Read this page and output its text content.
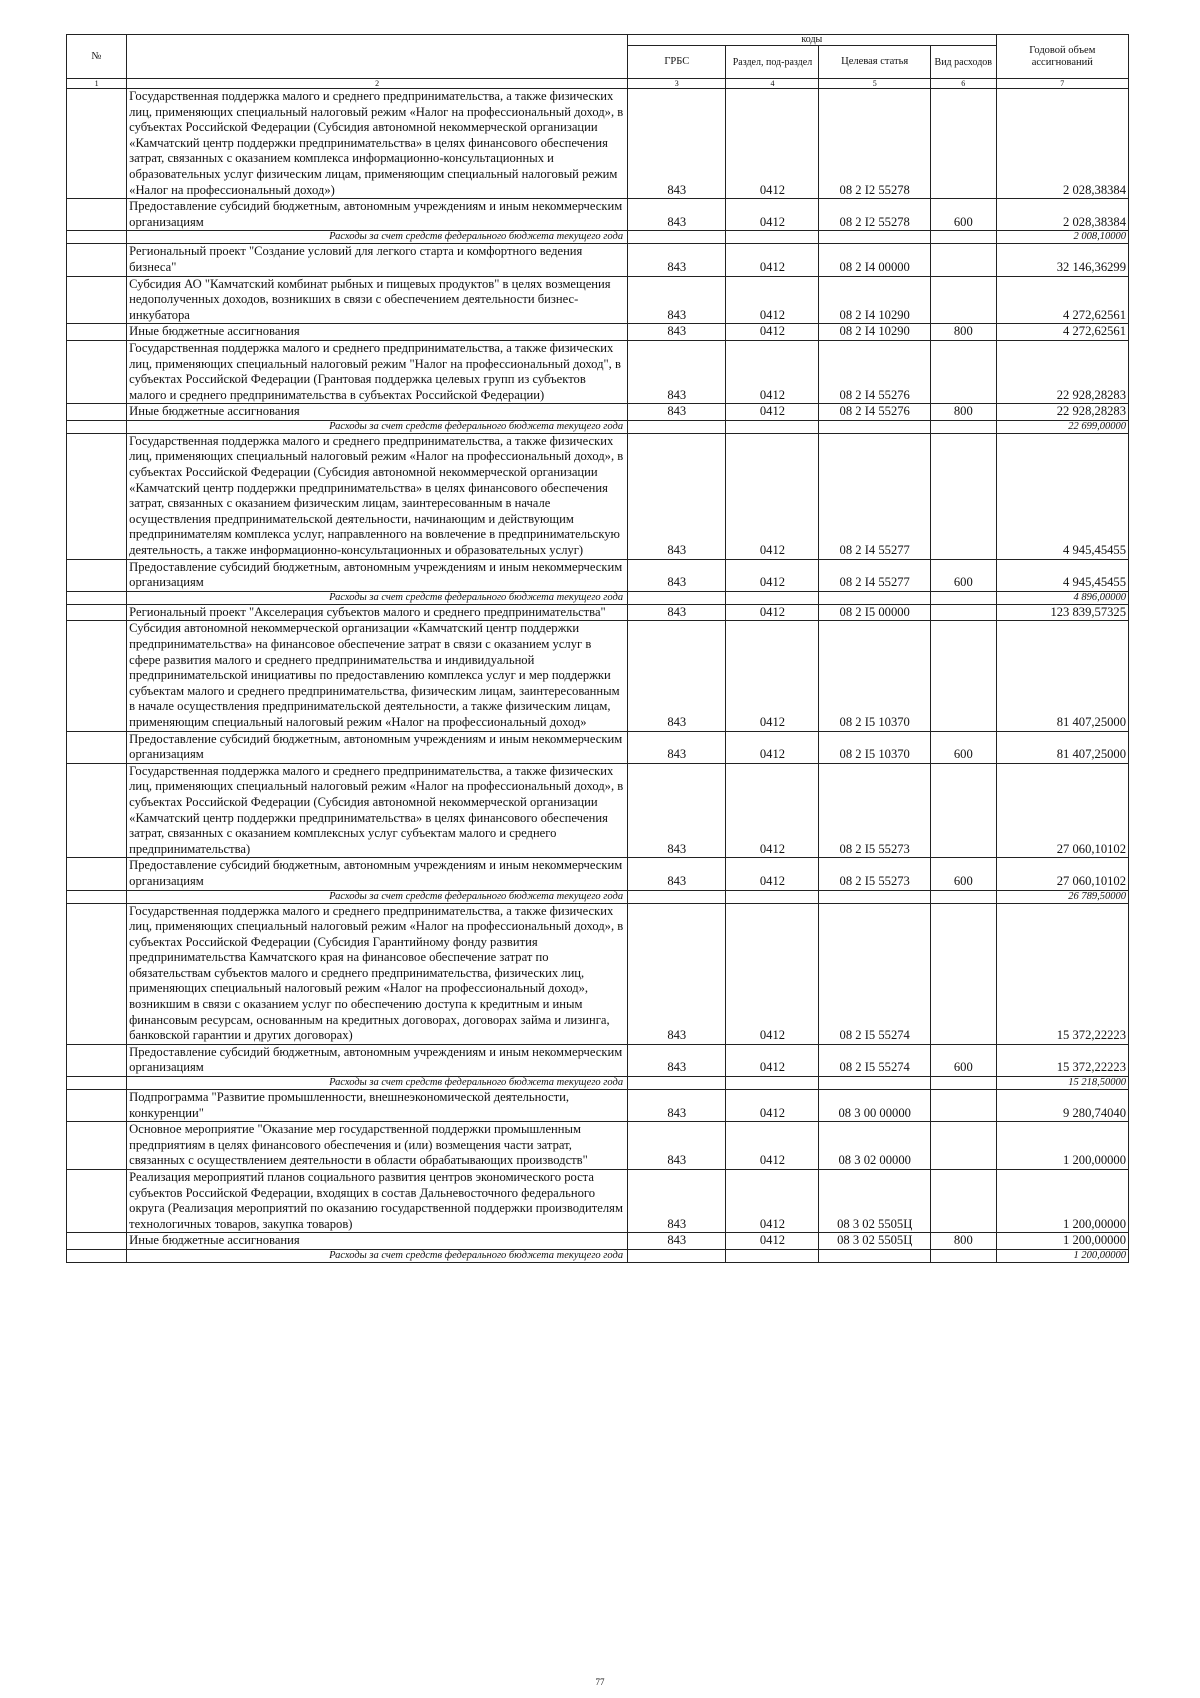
№		коды				Годовой объем ассигнований
		ГРБС	Раздел, под-раздел	Целевая статья	Вид расходов	
1	2	3	4	5	6	7
	Государственная поддержка малого и среднего предпринимательства, а также физических лиц, применяющих специальный налоговый режим «Налог на профессиональный доход», в субъектах Российской Федерации (Субсидия автономной некоммерческой организации «Камчатский центр поддержки предпринимательства» в целях финансового обеспечения затрат, связанных с оказанием комплекса информационно-консультационных и образовательных услуг физическим лицам, применяющим специальный налоговый режим «Налог на профессиональный доход»)	843	0412	08 2 I2 55278		2 028,38384
	Предоставление субсидий бюджетным, автономным учреждениям и иным некоммерческим организациям	843	0412	08 2 I2 55278	600	2 028,38384
	Расходы за счет средств федерального бюджета текущего года					2 008,10000
	Региональный проект "Создание условий для легкого старта и комфортного ведения бизнеса"	843	0412	08 2 I4 00000		32 146,36299
	Субсидия АО "Камчатский комбинат рыбных и пищевых продуктов" в целях возмещения недополученных доходов, возникших в связи с обеспечением деятельности бизнес-инкубатора	843	0412	08 2 I4 10290		4 272,62561
	Иные бюджетные ассигнования	843	0412	08 2 I4 10290	800	4 272,62561
	Государственная поддержка малого и среднего предпринимательства, а также физических лиц, применяющих специальный налоговый режим "Налог на профессиональный доход", в субъектах Российской Федерации (Грантовая поддержка целевых групп из субъектов малого и среднего предпринимательства в субъектах Российской Федерации)	843	0412	08 2 I4 55276		22 928,28283
	Иные бюджетные ассигнования	843	0412	08 2 I4 55276	800	22 928,28283
	Расходы за счет средств федерального бюджета текущего года					22 699,00000
	Государственная поддержка малого и среднего предпринимательства, а также физических лиц, применяющих специальный налоговый режим «Налог на профессиональный доход», в субъектах Российской Федерации (Субсидия автономной некоммерческой организации «Камчатский центр поддержки предпринимательства» в целях финансового обеспечения затрат, связанных с оказанием физическим лицам, заинтересованным в начале осуществления предпринимательской деятельности, начинающим и действующим предпринимателям комплекса услуг, направленного на вовлечение в предпринимательскую деятельность, а также информационно-консультационных и образовательных услуг)	843	0412	08 2 I4 55277		4 945,45455
	Предоставление субсидий бюджетным, автономным учреждениям и иным некоммерческим организациям	843	0412	08 2 I4 55277	600	4 945,45455
	Расходы за счет средств федерального бюджета текущего года					4 896,00000
	Региональный проект "Акселерация субъектов малого и среднего предпринимательства"	843	0412	08 2 I5 00000		123 839,57325
	Субсидия автономной некоммерческой организации «Камчатский центр поддержки предпринимательства» на финансовое обеспечение затрат в связи с оказанием услуг в сфере развития малого и среднего предпринимательства и индивидуальной предпринимательской инициативы по предоставлению комплекса услуг и мер поддержки субъектам малого и среднего предпринимательства, физическим лицам, заинтересованным в начале осуществления предпринимательской деятельности, а также физическим лицам, применяющим специальный налоговый режим «Налог на профессиональный доход»	843	0412	08 2 I5 10370		81 407,25000
	Предоставление субсидий бюджетным, автономным учреждениям и иным некоммерческим организациям	843	0412	08 2 I5 10370	600	81 407,25000
	Государственная поддержка малого и среднего предпринимательства, а также физических лиц, применяющих специальный налоговый режим «Налог на профессиональный доход», в субъектах Российской Федерации (Субсидия автономной некоммерческой организации «Камчатский центр поддержки предпринимательства» в целях финансового обеспечения затрат, связанных с оказанием комплексных услуг субъектам малого и среднего предпринимательства)	843	0412	08 2 I5 55273		27 060,10102
	Предоставление субсидий бюджетным, автономным учреждениям и иным некоммерческим организациям	843	0412	08 2 I5 55273	600	27 060,10102
	Расходы за счет средств федерального бюджета текущего года					26 789,50000
	Государственная поддержка малого и среднего предпринимательства, а также физических лиц, применяющих специальный налоговый режим «Налог на профессиональный доход», в субъектах Российской Федерации (Субсидия Гарантийному фонду развития предпринимательства Камчатского края на финансовое обеспечение затрат по обязательствам субъектов малого и среднего предпринимательства, физических лиц, применяющих специальный налоговый режим «Налог на профессиональный доход», возникшим в связи с оказанием услуг по обеспечению доступа к кредитным и иным финансовым ресурсам, основанным на кредитных договорах, договорах займа и лизинга, банковской гарантии и других договорах)	843	0412	08 2 I5 55274		15 372,22223
	Предоставление субсидий бюджетным, автономным учреждениям и иным некоммерческим организациям	843	0412	08 2 I5 55274	600	15 372,22223
	Расходы за счет средств федерального бюджета текущего года					15 218,50000
	Подпрограмма "Развитие промышленности, внешнеэкономической деятельности, конкуренции"	843	0412	08 3 00 00000		9 280,74040
	Основное мероприятие "Оказание мер государственной поддержки промышленным предприятиям в целях финансового обеспечения и (или) возмещения части затрат, связанных с осуществлением деятельности в области обрабатывающих производств"	843	0412	08 3 02 00000		1 200,00000
	Реализация мероприятий планов социального развития центров экономического роста субъектов Российской Федерации, входящих в состав Дальневосточного федерального округа (Реализация мероприятий по оказанию государственной поддержки производителям технологичных товаров, закупка товаров)	843	0412	08 3 02 5505Ц		1 200,00000
	Иные бюджетные ассигнования	843	0412	08 3 02 5505Ц	800	1 200,00000
	Расходы за счет средств федерального бюджета текущего года					1 200,00000
77
